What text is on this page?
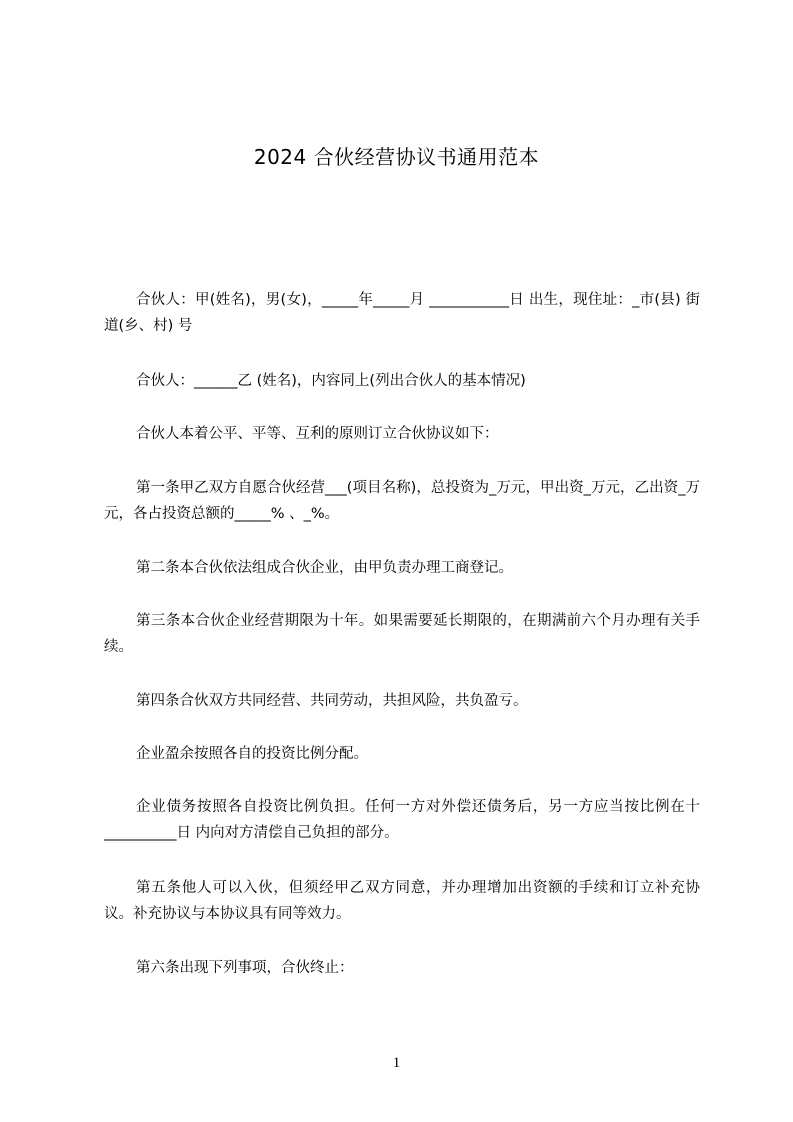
2024 合伙经营协议书通用范本

合伙人：甲(姓名)，男(女)，_____年_____月 ___________日 出生，现住址：_市(县) 街道(乡、村) 号

合伙人：______乙 (姓名)，内容同上(列出合伙人的基本情况)

合伙人本着公平、平等、互利的原则订立合伙协议如下：

第一条甲乙双方自愿合伙经营___(项目名称)，总投资为_万元，甲出资_万元，乙出资_万元，各占投资总额的_____% 、_%。

第二条本合伙依法组成合伙企业，由甲负责办理工商登记。

第三条本合伙企业经营期限为十年。如果需要延长期限的，在期满前六个月办理有关手续。

第四条合伙双方共同经营、共同劳动，共担风险，共负盈亏。

企业盈余按照各自的投资比例分配。

企业债务按照各自投资比例负担。任何一方对外偿还债务后，另一方应当按比例在十__________日 内向对方清偿自己负担的部分。

第五条他人可以入伙，但须经甲乙双方同意，并办理增加出资额的手续和订立补充协议。补充协议与本协议具有同等效力。

第六条出现下列事项，合伙终止：

1
